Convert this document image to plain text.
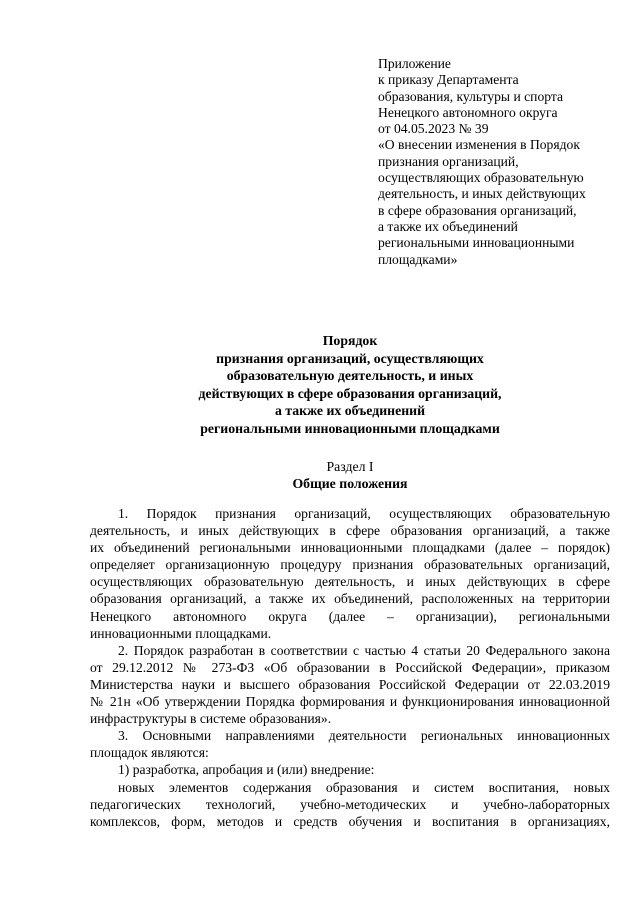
Приложение
к приказу Департамента
образования, культуры и спорта
Ненецкого автономного округа
от 04.05.2023 № 39
«О внесении изменения в Порядок
признания организаций,
осуществляющих образовательную
деятельность, и иных действующих
в сфере образования организаций,
а также их объединений
региональными инновационными
площадками»
Порядок
признания организаций, осуществляющих
образовательную деятельность, и иных
действующих в сфере образования организаций,
а также их объединений
региональными инновационными площадками
Раздел I
Общие положения
1. Порядок признания организаций, осуществляющих образовательную
деятельность, и иных действующих в сфере образования организаций, а также
их объединений региональными инновационными площадками (далее – порядок)
определяет организационную процедуру признания образовательных организаций,
осуществляющих образовательную деятельность, и иных действующих в сфере
образования организаций, а также их объединений, расположенных на территории
Ненецкого автономного округа (далее – организации), региональными
инновационными площадками.
2. Порядок разработан в соответствии с частью 4 статьи 20 Федерального закона
от 29.12.2012 № 273-ФЗ «Об образовании в Российской Федерации», приказом
Министерства науки и высшего образования Российской Федерации от 22.03.2019
№ 21н «Об утверждении Порядка формирования и функционирования инновационной
инфраструктуры в системе образования».
3. Основными направлениями деятельности региональных инновационных
площадок являются:
1) разработка, апробация и (или) внедрение:
новых элементов содержания образования и систем воспитания, новых
педагогических технологий, учебно-методических и учебно-лабораторных
комплексов, форм, методов и средств обучения и воспитания в организациях,
